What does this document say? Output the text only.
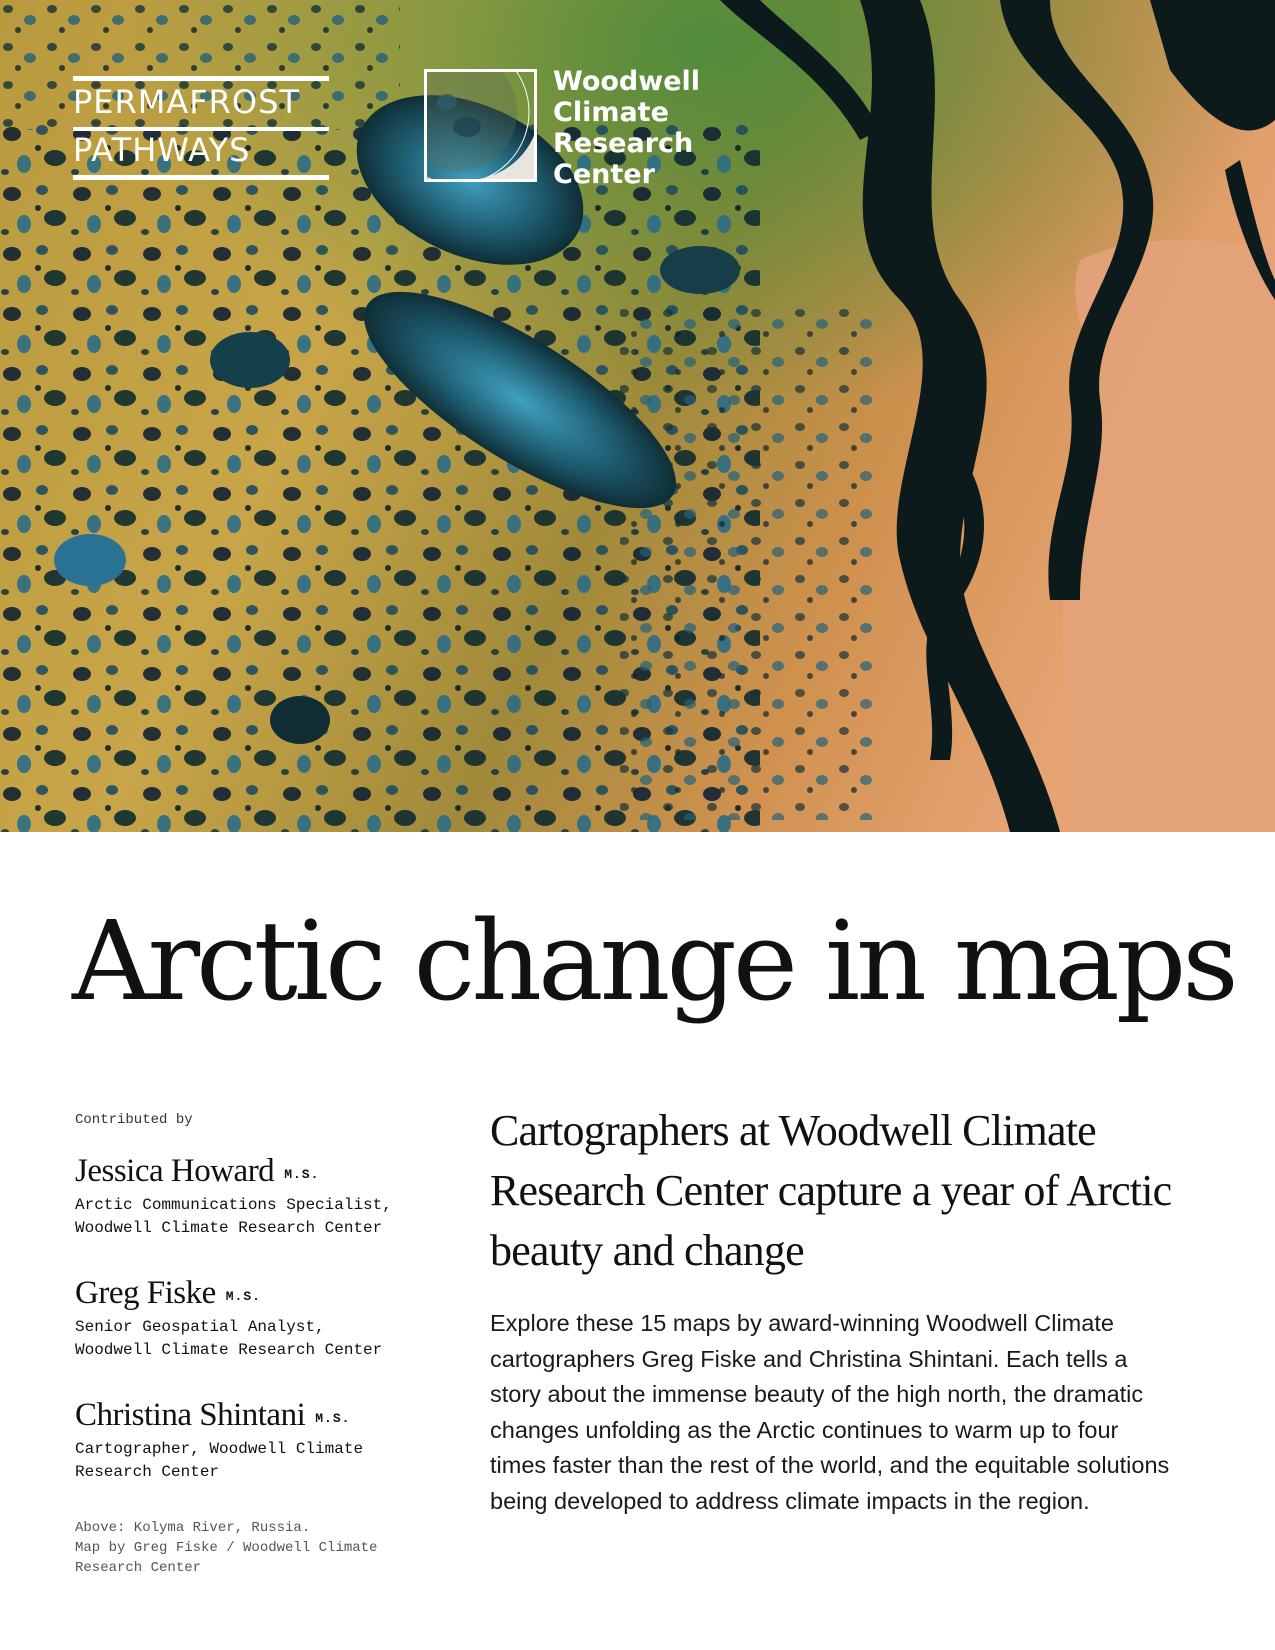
PERMAFROST
PATHWAYS
Woodwell
Climate
Research
Center
Arctic change in maps
Contributed by
Jessica Howard M.S.
Arctic Communications Specialist,
Woodwell Climate Research Center
Greg Fiske M.S.
Senior Geospatial Analyst,
Woodwell Climate Research Center
Christina Shintani M.S.
Cartographer, Woodwell Climate
Research Center
Above: Kolyma River, Russia.
Map by Greg Fiske / Woodwell Climate
Research Center
Cartographers at Woodwell Climate Research Center capture a year of Arctic beauty and change
Explore these 15 maps by award-winning Woodwell Climate cartographers Greg Fiske and Christina Shintani. Each tells a story about the immense beauty of the high north, the dramatic changes unfolding as the Arctic continues to warm up to four times faster than the rest of the world, and the equitable solutions being developed to address climate impacts in the region.
